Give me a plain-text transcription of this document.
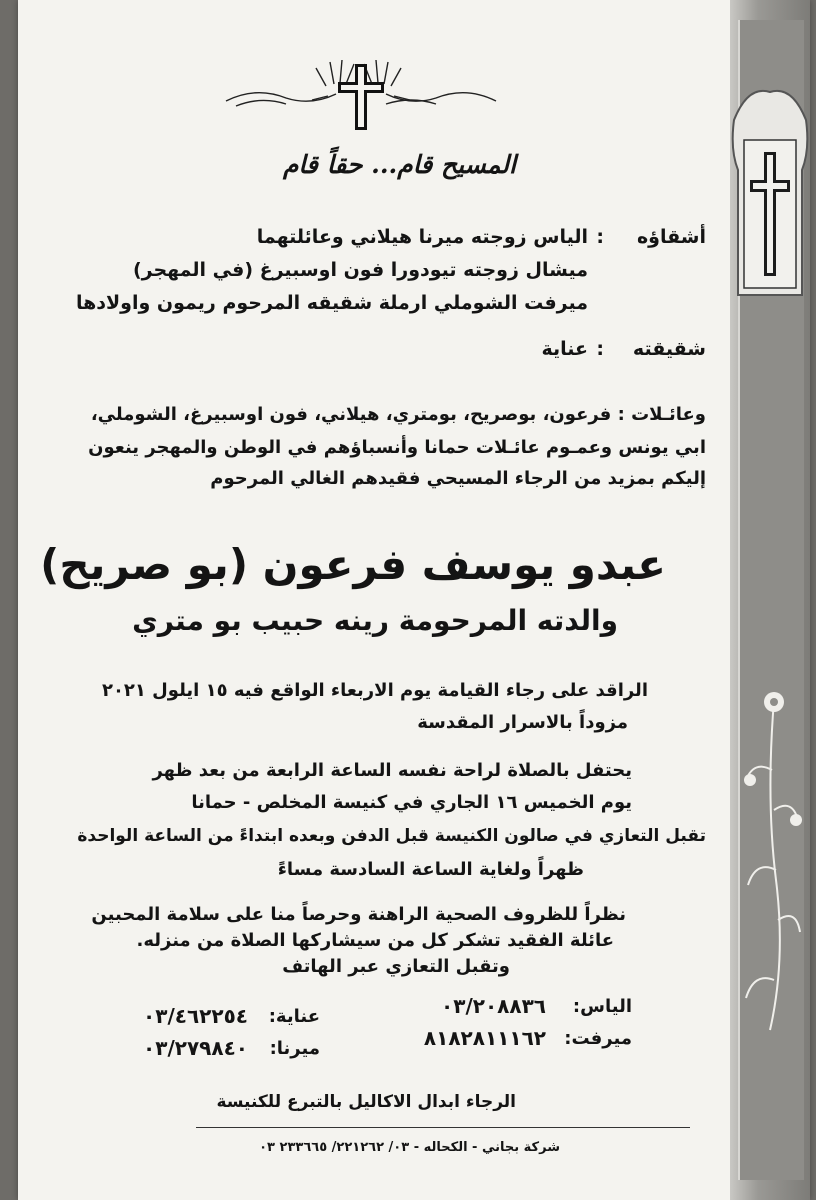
المسيح قام... حقاً قام
أشقاؤه
:
الياس زوجته ميرنا هيلاني وعائلتهما
ميشال زوجته تيودورا فون اوسبيرغ (في المهجر)
ميرفت الشوملي ارملة شقيقه المرحوم ريمون واولادها
شقيقته
:
عناية
وعائـلات : فرعون، بوصريح، بومتري، هيلاني، فون اوسبيرغ، الشوملي،
ابي يونس وعمـوم عائـلات حمانا وأنسباؤهم في الوطن والمهجر ينعون
إليكم بمزيد من الرجاء المسيحي فقيدهم الغالي المرحوم
عبدو يوسف فرعون (بو صريح)
والدته المرحومة رينه حبيب بو متري
الراقد على رجاء القيامة يوم الاربعاء الواقع فيه ١٥ ايلول ٢٠٢١
مزوداً بالاسرار المقدسة
يحتفل بالصلاة لراحة نفسه الساعة الرابعة من بعد ظهر
يوم الخميس ١٦ الجاري في كنيسة المخلص - حمانا
تقبل التعازي في صالون الكنيسة قبل الدفن وبعده ابتداءً من الساعة الواحدة
ظهراً ولغاية الساعة السادسة مساءً
نظراً للظروف الصحية الراهنة وحرصاً منا على سلامة المحبين
عائلة الفقيد تشكر كل من سيشاركها الصلاة من منزله.
وتقبل التعازي عبر الهاتف
الياس:
٠٣/٢٠٨٨٣٦
عناية:
٠٣/٤٦٢٢٥٤
ميرفت:
٨١٨٢٨١١١٦٢
ميرنا:
٠٣/٢٧٩٨٤٠
الرجاء ابدال الاكاليل بالتبرع للكنيسة
شركة بجاني - الكحاله - ٠٣/ ٢٢١٢٦٢/ ٢٣٣٦٦٥ ٠٣
